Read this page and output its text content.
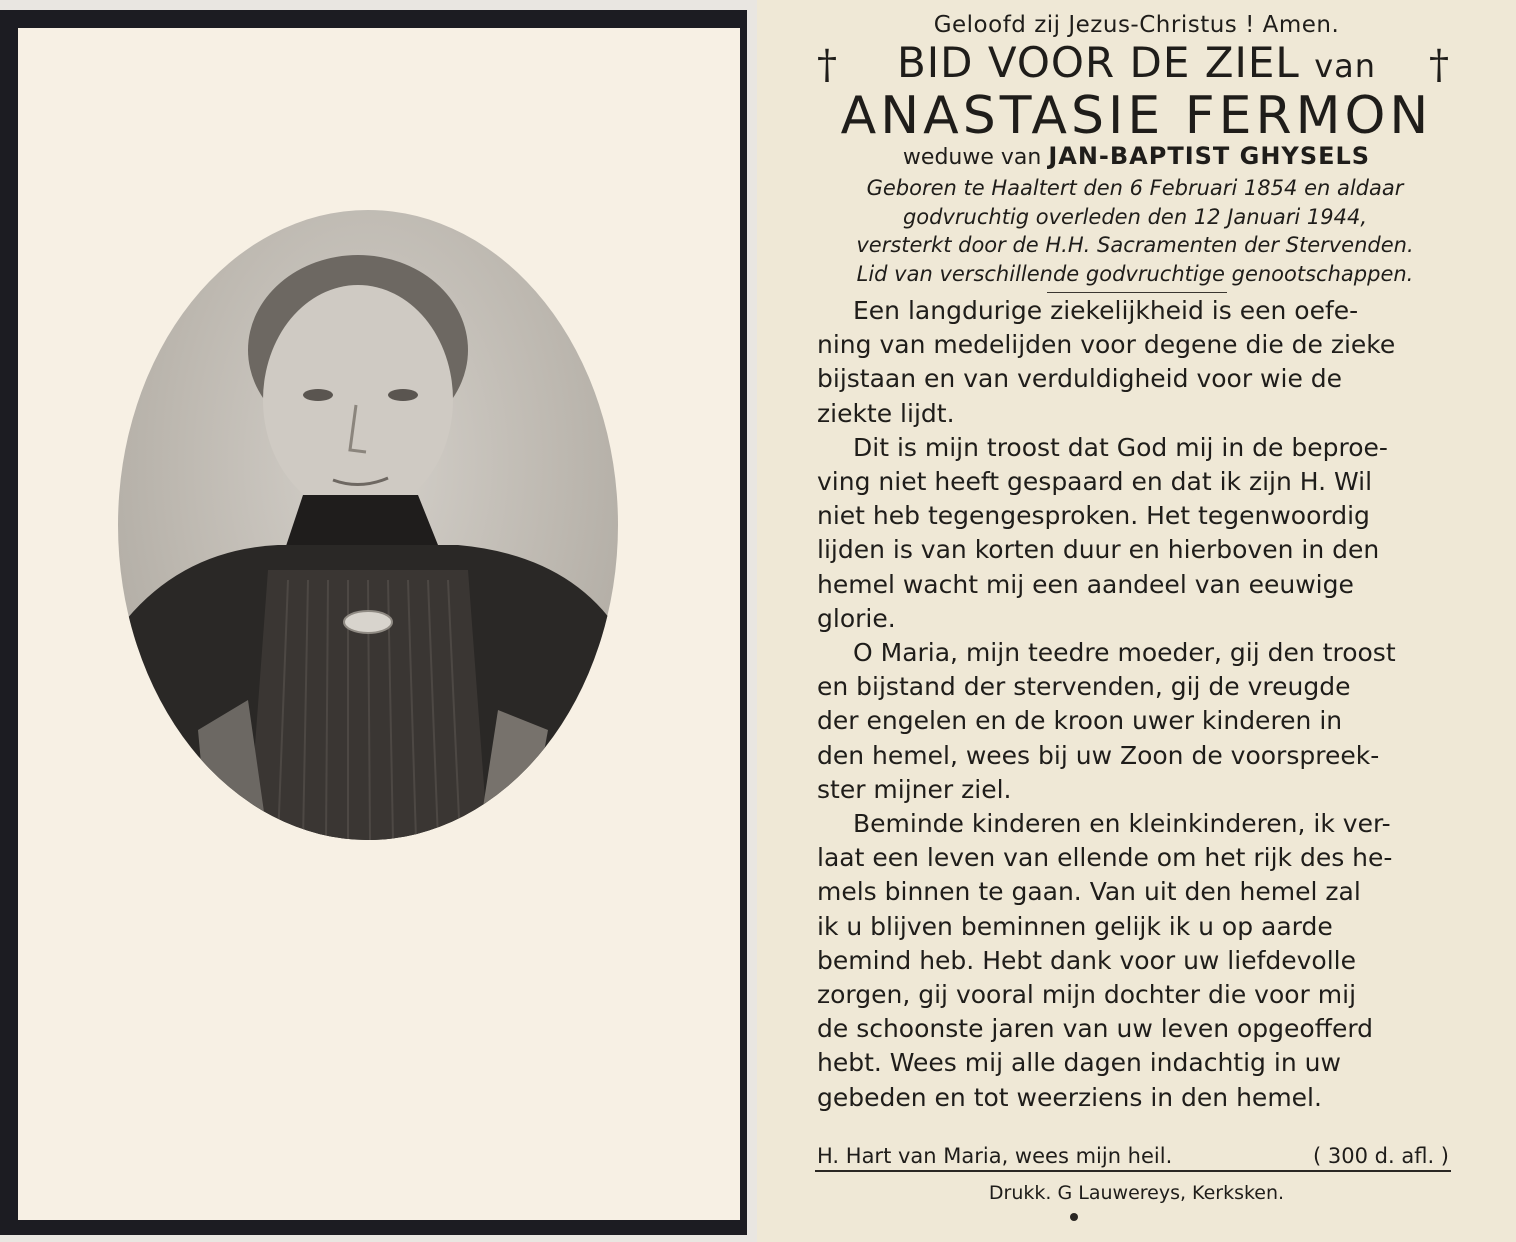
Geloofd zij Jezus-Christus ! Amen.
†	†
BID VOOR DE ZIEL van
ANASTASIE FERMON
weduwe van JAN-BAPTIST GHYSELS
Geboren te Haaltert den 6 Februari 1854 en aldaar
godvruchtig overleden den 12 Januari 1944,
versterkt door de H.H. Sacramenten der Stervenden.
Lid van verschillende godvruchtige genootschappen.
Een langdurige ziekelijkheid is een oefe-
ning van medelijden voor degene die de zieke
bijstaan en van verduldigheid voor wie de
ziekte lijdt.
Dit is mijn troost dat God mij in de beproe-
ving niet heeft gespaard en dat ik zijn H. Wil
niet heb tegengesproken. Het tegenwoordig
lijden is van korten duur en hierboven in den
hemel wacht mij een aandeel van eeuwige
glorie.
O Maria, mijn teedre moeder, gij den troost
en bijstand der stervenden, gij de vreugde
der engelen en de kroon uwer kinderen in
den hemel, wees bij uw Zoon de voorspreek-
ster mijner ziel.
Beminde kinderen en kleinkinderen, ik ver-
laat een leven van ellende om het rijk des he-
mels binnen te gaan. Van uit den hemel zal
ik u blijven beminnen gelijk ik u op aarde
bemind heb. Hebt dank voor uw liefdevolle
zorgen, gij vooral mijn dochter die voor mij
de schoonste jaren van uw leven opgeofferd
hebt. Wees mij alle dagen indachtig in uw
gebeden en tot weerziens in den hemel.
H. Hart van Maria, wees mijn heil.	( 300 d. afl. )
Drukk. G Lauwereys, Kerksken.
